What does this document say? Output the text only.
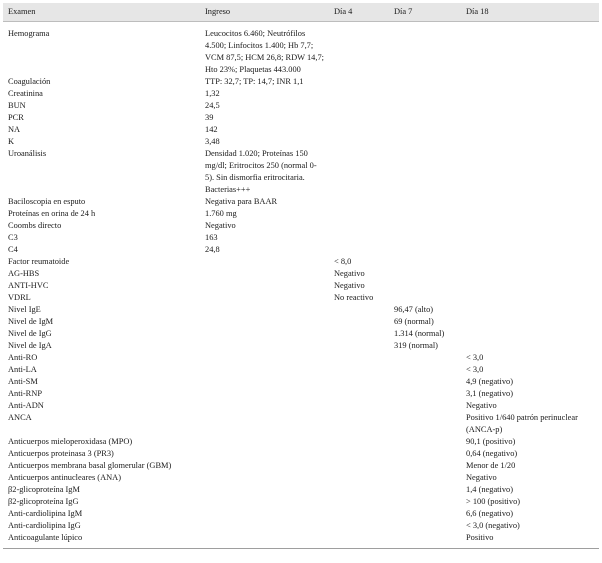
Examen	Ingreso	Día 4	Día 7	Día 18
Hemograma	Leucocitos 6.460; Neutrófilos 4.500; Linfocitos 1.400; Hb 7,7; VCM 87,5; HCM 26,8; RDW 14,7; Hto 23%; Plaquetas 443.000			
Coagulación	TTP: 32,7; TP: 14,7; INR 1,1			
Creatinina	1,32			
BUN	24,5			
PCR	39			
NA	142			
K	3,48			
Uroanálisis	Densidad 1.020; Proteínas 150 mg/dl; Eritrocitos 250 (normal 0-5). Sin dismorfia eritrocitaria. Bacterias+++			
Baciloscopia en esputo	Negativa para BAAR			
Proteínas en orina de 24 h	1.760 mg			
Coombs directo	Negativo			
C3	163			
C4	24,8			
Factor reumatoide		< 8,0		
AG-HBS		Negativo		
ANTI-HVC		Negativo		
VDRL		No reactivo		
Nivel IgE			96,47 (alto)	
Nivel de IgM			69 (normal)	
Nivel de IgG			1.314 (normal)	
Nivel de IgA			319 (normal)	
Anti-RO				< 3,0
Anti-LA				< 3,0
Anti-SM				4,9 (negativo)
Anti-RNP				3,1 (negativo)
Anti-ADN				Negativo
ANCA				Positivo 1/640 patrón perinuclear (ANCA-p)
Anticuerpos mieloperoxidasa (MPO)				90,1 (positivo)
Anticuerpos proteinasa 3 (PR3)				0,64 (negativo)
Anticuerpos membrana basal glomerular (GBM)				Menor de 1/20
Anticuerpos antinucleares (ANA)				Negativo
β2-glicoproteína IgM				1,4 (negativo)
β2-glicoproteína IgG				> 100 (positivo)
Anti-cardiolipina IgM				6,6 (negativo)
Anti-cardiolipina IgG				< 3,0 (negativo)
Anticoagulante lúpico				Positivo
